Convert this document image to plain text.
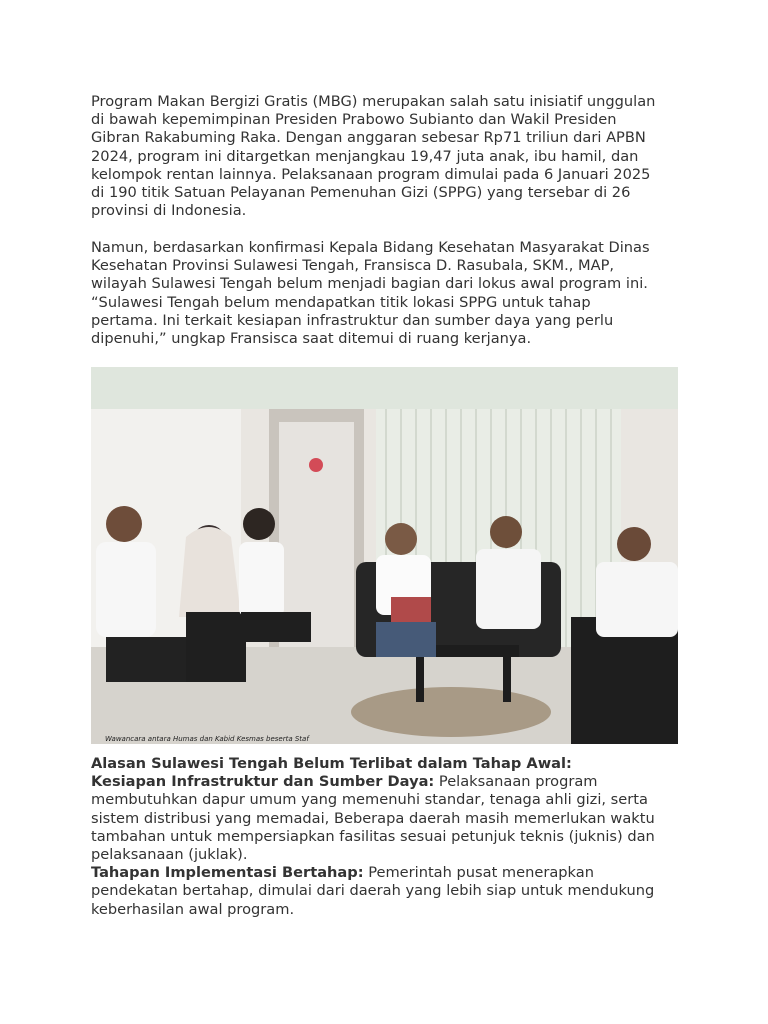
Program Makan Bergizi Gratis (MBG) merupakan salah satu inisiatif unggulan
di bawah kepemimpinan Presiden Prabowo Subianto dan Wakil Presiden
Gibran Rakabuming Raka. Dengan anggaran sebesar Rp71 triliun dari APBN
2024, program ini ditargetkan menjangkau 19,47 juta anak, ibu hamil, dan
kelompok rentan lainnya. Pelaksanaan program dimulai pada 6 Januari 2025
di 190 titik Satuan Pelayanan Pemenuhan Gizi (SPPG) yang tersebar di 26
provinsi di Indonesia.

Namun, berdasarkan konfirmasi Kepala Bidang Kesehatan Masyarakat Dinas
Kesehatan Provinsi Sulawesi Tengah, Fransisca D. Rasubala, SKM., MAP,
wilayah Sulawesi Tengah belum menjadi bagian dari lokus awal program ini.
“Sulawesi Tengah belum mendapatkan titik lokasi SPPG untuk tahap
pertama. Ini terkait kesiapan infrastruktur dan sumber daya yang perlu
dipenuhi,” ungkap Fransisca saat ditemui di ruang kerjanya.

Wawancara antara Humas dan Kabid Kesmas beserta Staf

Alasan Sulawesi Tengah Belum Terlibat dalam Tahap Awal:

Kesiapan Infrastruktur dan Sumber Daya: Pelaksanaan program
membutuhkan dapur umum yang memenuhi standar, tenaga ahli gizi, serta
sistem distribusi yang memadai, Beberapa daerah masih memerlukan waktu
tambahan untuk mempersiapkan fasilitas sesuai petunjuk teknis (juknis) dan
pelaksanaan (juklak).

Tahapan Implementasi Bertahap: Pemerintah pusat menerapkan
pendekatan bertahap, dimulai dari daerah yang lebih siap untuk mendukung
keberhasilan awal program.
